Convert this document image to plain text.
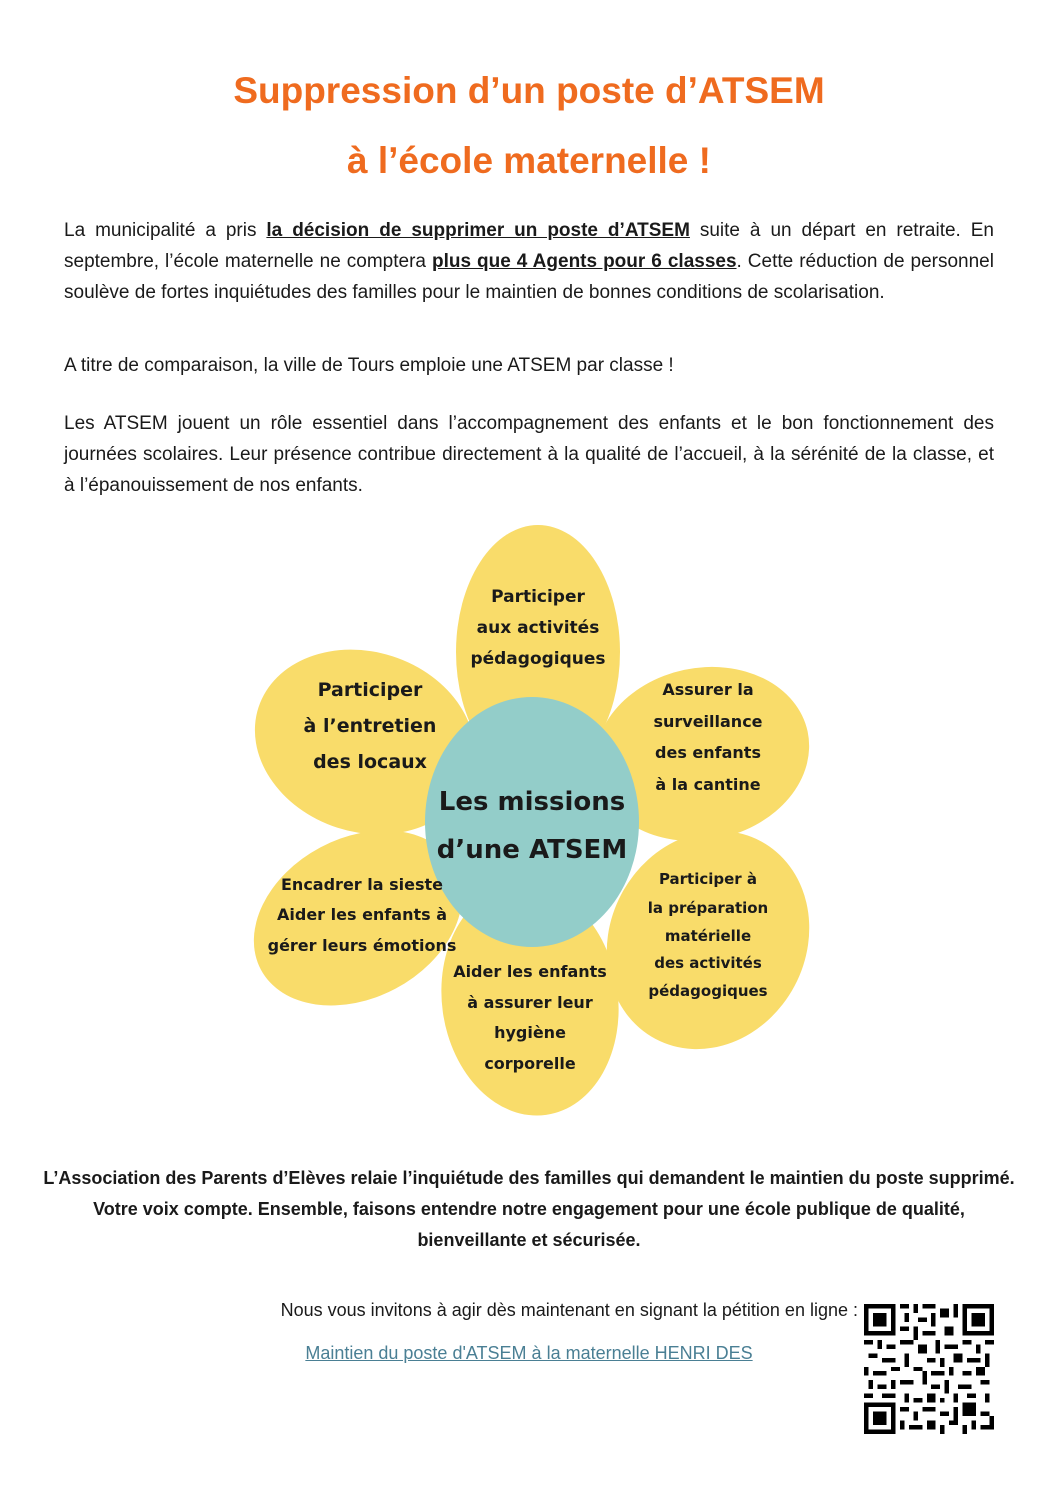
Suppression d’un poste d’ATSEM
à l’école maternelle !

La municipalité a pris la décision de supprimer un poste d’ATSEM suite à un départ en retraite. En septembre, l’école maternelle ne comptera plus que 4 Agents pour 6 classes. Cette réduction de personnel soulève de fortes inquiétudes des familles pour le maintien de bonnes conditions de scolarisation.

A titre de comparaison, la ville de Tours emploie une ATSEM par classe !

Les ATSEM jouent un rôle essentiel dans l’accompagnement des enfants et le bon fonctionnement des journées scolaires. Leur présence contribue directement à la qualité de l’accueil, à la sérénité de la classe, et à l’épanouissement de nos enfants.

Les missions
d’une ATSEM
Participer
aux activités
pédagogiques
Assurer la
surveillance
des enfants
à la cantine
Participer à
la préparation
matérielle
des activités
pédagogiques
Aider les enfants
à assurer leur
hygiène
corporelle
Encadrer la sieste
Aider les enfants à
gérer leurs émotions
Participer
à l’entretien
des locaux

L’Association des Parents d’Elèves relaie l’inquiétude des familles qui demandent le maintien du poste supprimé. Votre voix compte. Ensemble, faisons entendre notre engagement pour une école publique de qualité, bienveillante et sécurisée.

Nous vous invitons à agir dès maintenant en signant la pétition en ligne :

Maintien du poste d'ATSEM à la maternelle HENRI DES
